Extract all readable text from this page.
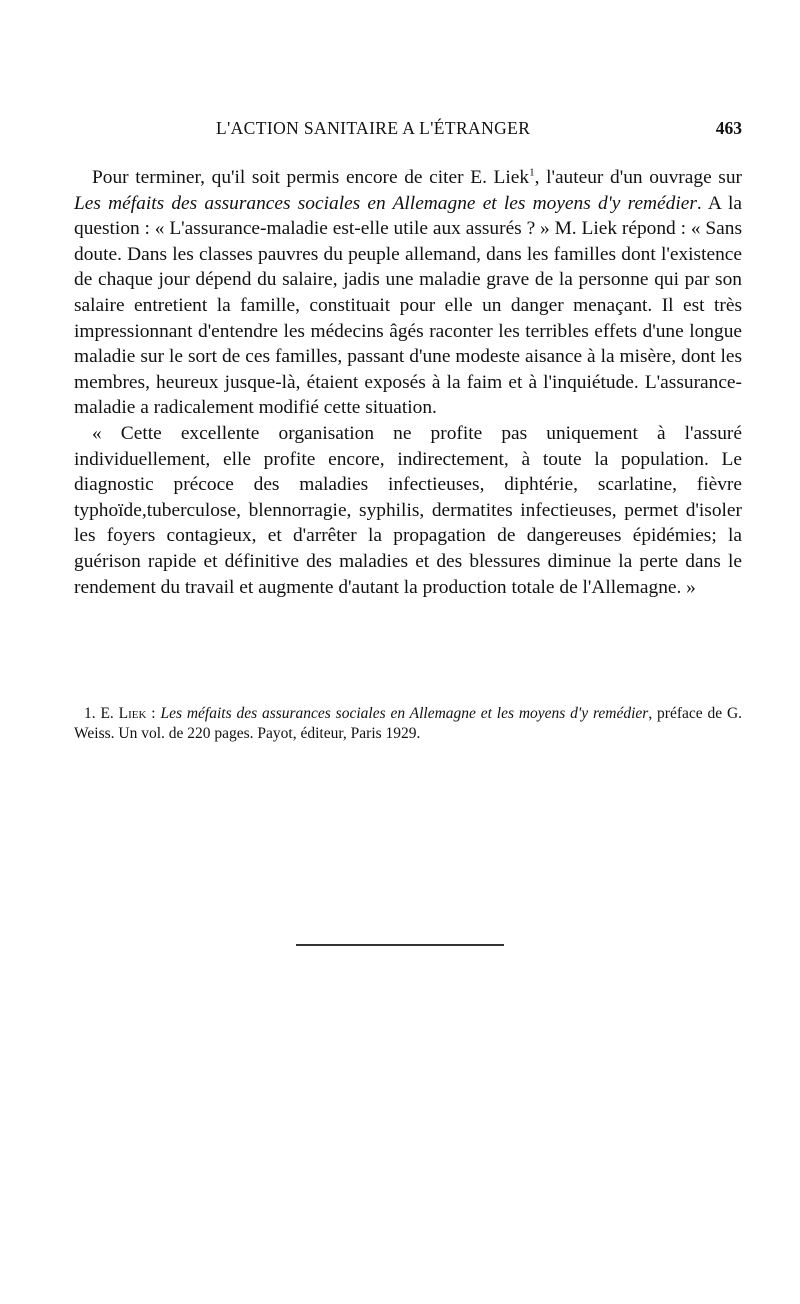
L'ACTION SANITAIRE A L'ÉTRANGER	463

Pour terminer, qu'il soit permis encore de citer E. Liek$^1$, l'auteur d'un ouvrage sur Les méfaits des assurances sociales en Allemagne et les moyens d'y remédier. A la question : « L'assurance-maladie est-elle utile aux assurés ? » M. Liek répond : « Sans doute. Dans les classes pauvres du peuple allemand, dans les familles dont l'existence de chaque jour dépend du salaire, jadis une maladie grave de la personne qui par son salaire entretient la famille, constituait pour elle un danger menaçant. Il est très impressionnant d'entendre les médecins âgés raconter les terribles effets d'une longue maladie sur le sort de ces familles, passant d'une modeste aisance à la misère, dont les membres, heureux jusque-là, étaient exposés à la faim et à l'inquiétude. L'assurance-maladie a radicalement modifié cette situation.

« Cette excellente organisation ne profite pas uniquement à l'assuré individuellement, elle profite encore, indirectement, à toute la population. Le diagnostic précoce des maladies infectieuses, diphtérie, scarlatine, fièvre typhoïde,tuberculose, blennorragie, syphilis, dermatites infectieuses, permet d'isoler les foyers contagieux, et d'arrêter la propagation de dangereuses épidémies; la guérison rapide et définitive des maladies et des blessures diminue la perte dans le rendement du travail et augmente d'autant la production totale de l'Allemagne. »

1. E. Liek : Les méfaits des assurances sociales en Allemagne et les moyens d'y remédier, préface de G. Weiss. Un vol. de 220 pages. Payot, éditeur, Paris 1929.
